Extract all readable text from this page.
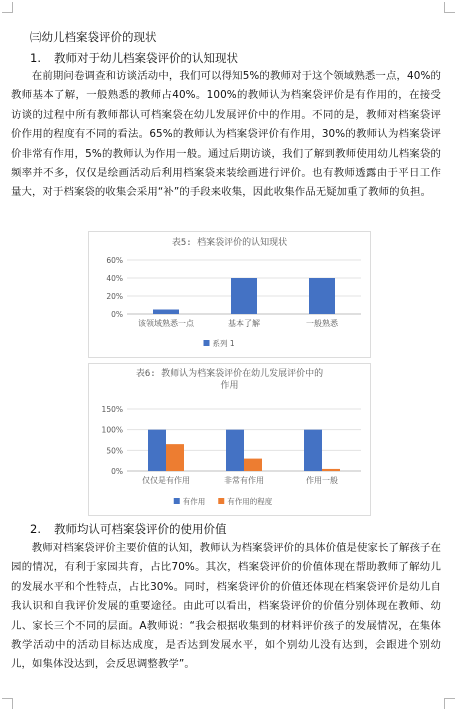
㈢幼儿档案袋评价的现状
1. 教师对于幼儿档案袋评价的认知现状
在前期问卷调查和访谈活动中，我们可以得知5%的教师对于这个领域熟悉一点，40%的教师基本了解，一般熟悉的教师占40%。100%的教师认为档案袋评价是有作用的，在接受访谈的过程中所有教师都认可档案袋在幼儿发展评价中的作用。不同的是，教师对档案袋评价作用的程度有不同的看法。65%的教师认为档案袋评价有作用，30%的教师认为档案袋评价非常有作用，5%的教师认为作用一般。通过后期访谈，我们了解到教师使用幼儿档案袋的频率并不多，仅仅是绘画活动后利用档案袋来装绘画进行评价。也有教师透露由于平日工作量大，对于档案袋的收集会采用“补”的手段来收集，因此收集作品无疑加重了教师的负担。
表5: 档案袋评价的认知现状
0%
20%
40%
60%
该领域熟悉一点	基本了解	一般熟悉
系列 1
表6: 教师认为档案袋评价在幼儿发展评价中的
作用
0%
50%
100%
150%
仅仅是有作用	非常有作用	作用一般
有作用	有作用的程度
2. 教师均认可档案袋评价的使用价值
教师对档案袋评价主要价值的认知，教师认为档案袋评价的具体价值是使家长了解孩子在园的情况，有利于家园共育，占比70%。其次，档案袋评价的价值体现在帮助教师了解幼儿的发展水平和个性特点，占比30%。同时，档案袋评价的价值还体现在档案袋评价是幼儿自我认识和自我评价发展的重要途径。由此可以看出，档案袋评价的价值分别体现在教师、幼儿、家长三个不同的层面。A教师说：“我会根据收集到的材料评价孩子的发展情况，在集体教学活动中的活动目标达成度，是否达到发展水平，如个别幼儿没有达到，会跟进个别幼儿，如集体没达到，会反思调整教学”。
